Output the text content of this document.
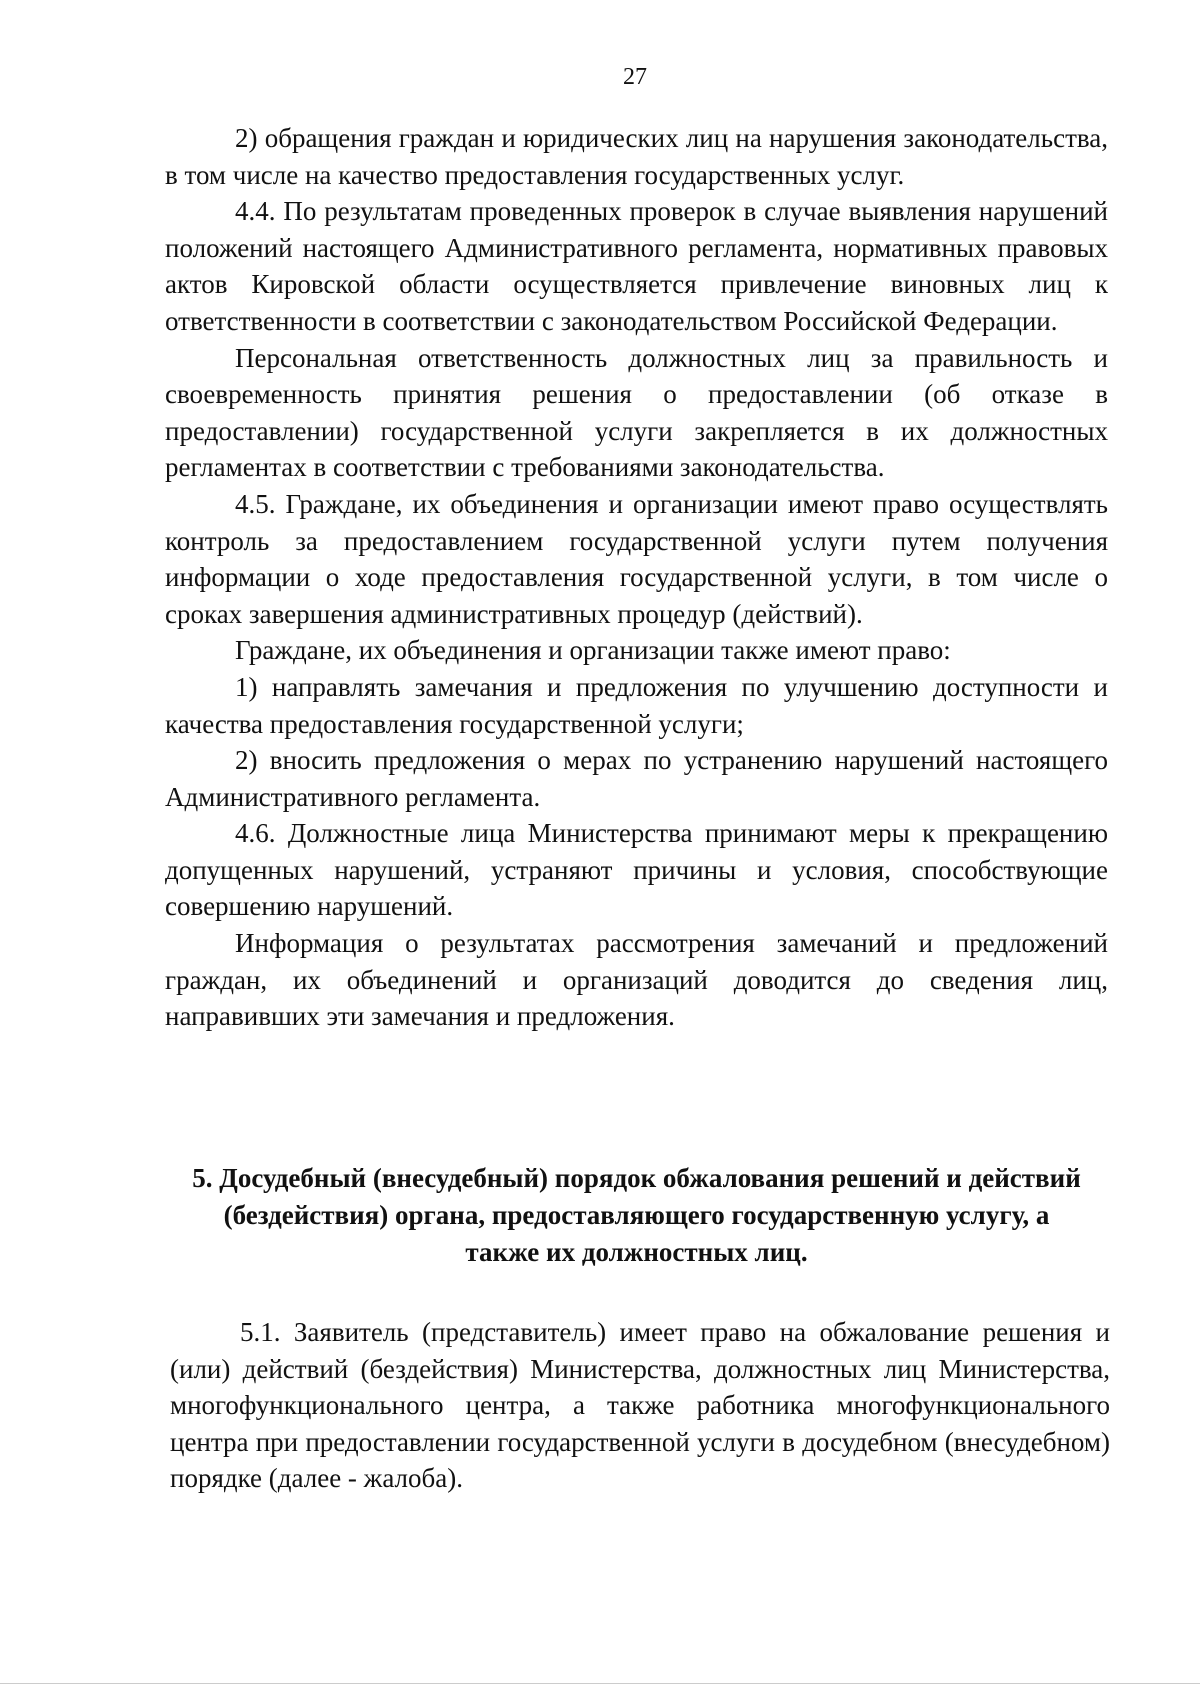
27

2) обращения граждан и юридических лиц на нарушения законодательства, в том числе на качество предоставления государственных услуг.

4.4. По результатам проведенных проверок в случае выявления нарушений положений настоящего Административного регламента, нормативных правовых актов Кировской области осуществляется привлечение виновных лиц к ответственности в соответствии с законодательством Российской Федерации.

Персональная ответственность должностных лиц за правильность и своевременность принятия решения о предоставлении (об отказе в предоставлении) государственной услуги закрепляется в их должностных регламентах в соответствии с требованиями законодательства.

4.5. Граждане, их объединения и организации имеют право осуществлять контроль за предоставлением государственной услуги путем получения информации о ходе предоставления государственной услуги, в том числе о сроках завершения административных процедур (действий).

Граждане, их объединения и организации также имеют право:

1) направлять замечания и предложения по улучшению доступности и качества предоставления государственной услуги;

2) вносить предложения о мерах по устранению нарушений настоящего Административного регламента.

4.6. Должностные лица Министерства принимают меры к прекращению допущенных нарушений, устраняют причины и условия, способствующие совершению нарушений.

Информация о результатах рассмотрения замечаний и предложений граждан, их объединений и организаций доводится до сведения лиц, направивших эти замечания и предложения.

5. Досудебный (внесудебный) порядок обжалования решений и действий
(бездействия) органа, предоставляющего государственную услугу, а
также их должностных лиц.

5.1. Заявитель (представитель) имеет право на обжалование решения и (или) действий (бездействия) Министерства, должностных лиц Министерства, многофункционального центра, а также работника многофункционального центра при предоставлении государственной услуги в досудебном (внесудебном) порядке (далее - жалоба).
